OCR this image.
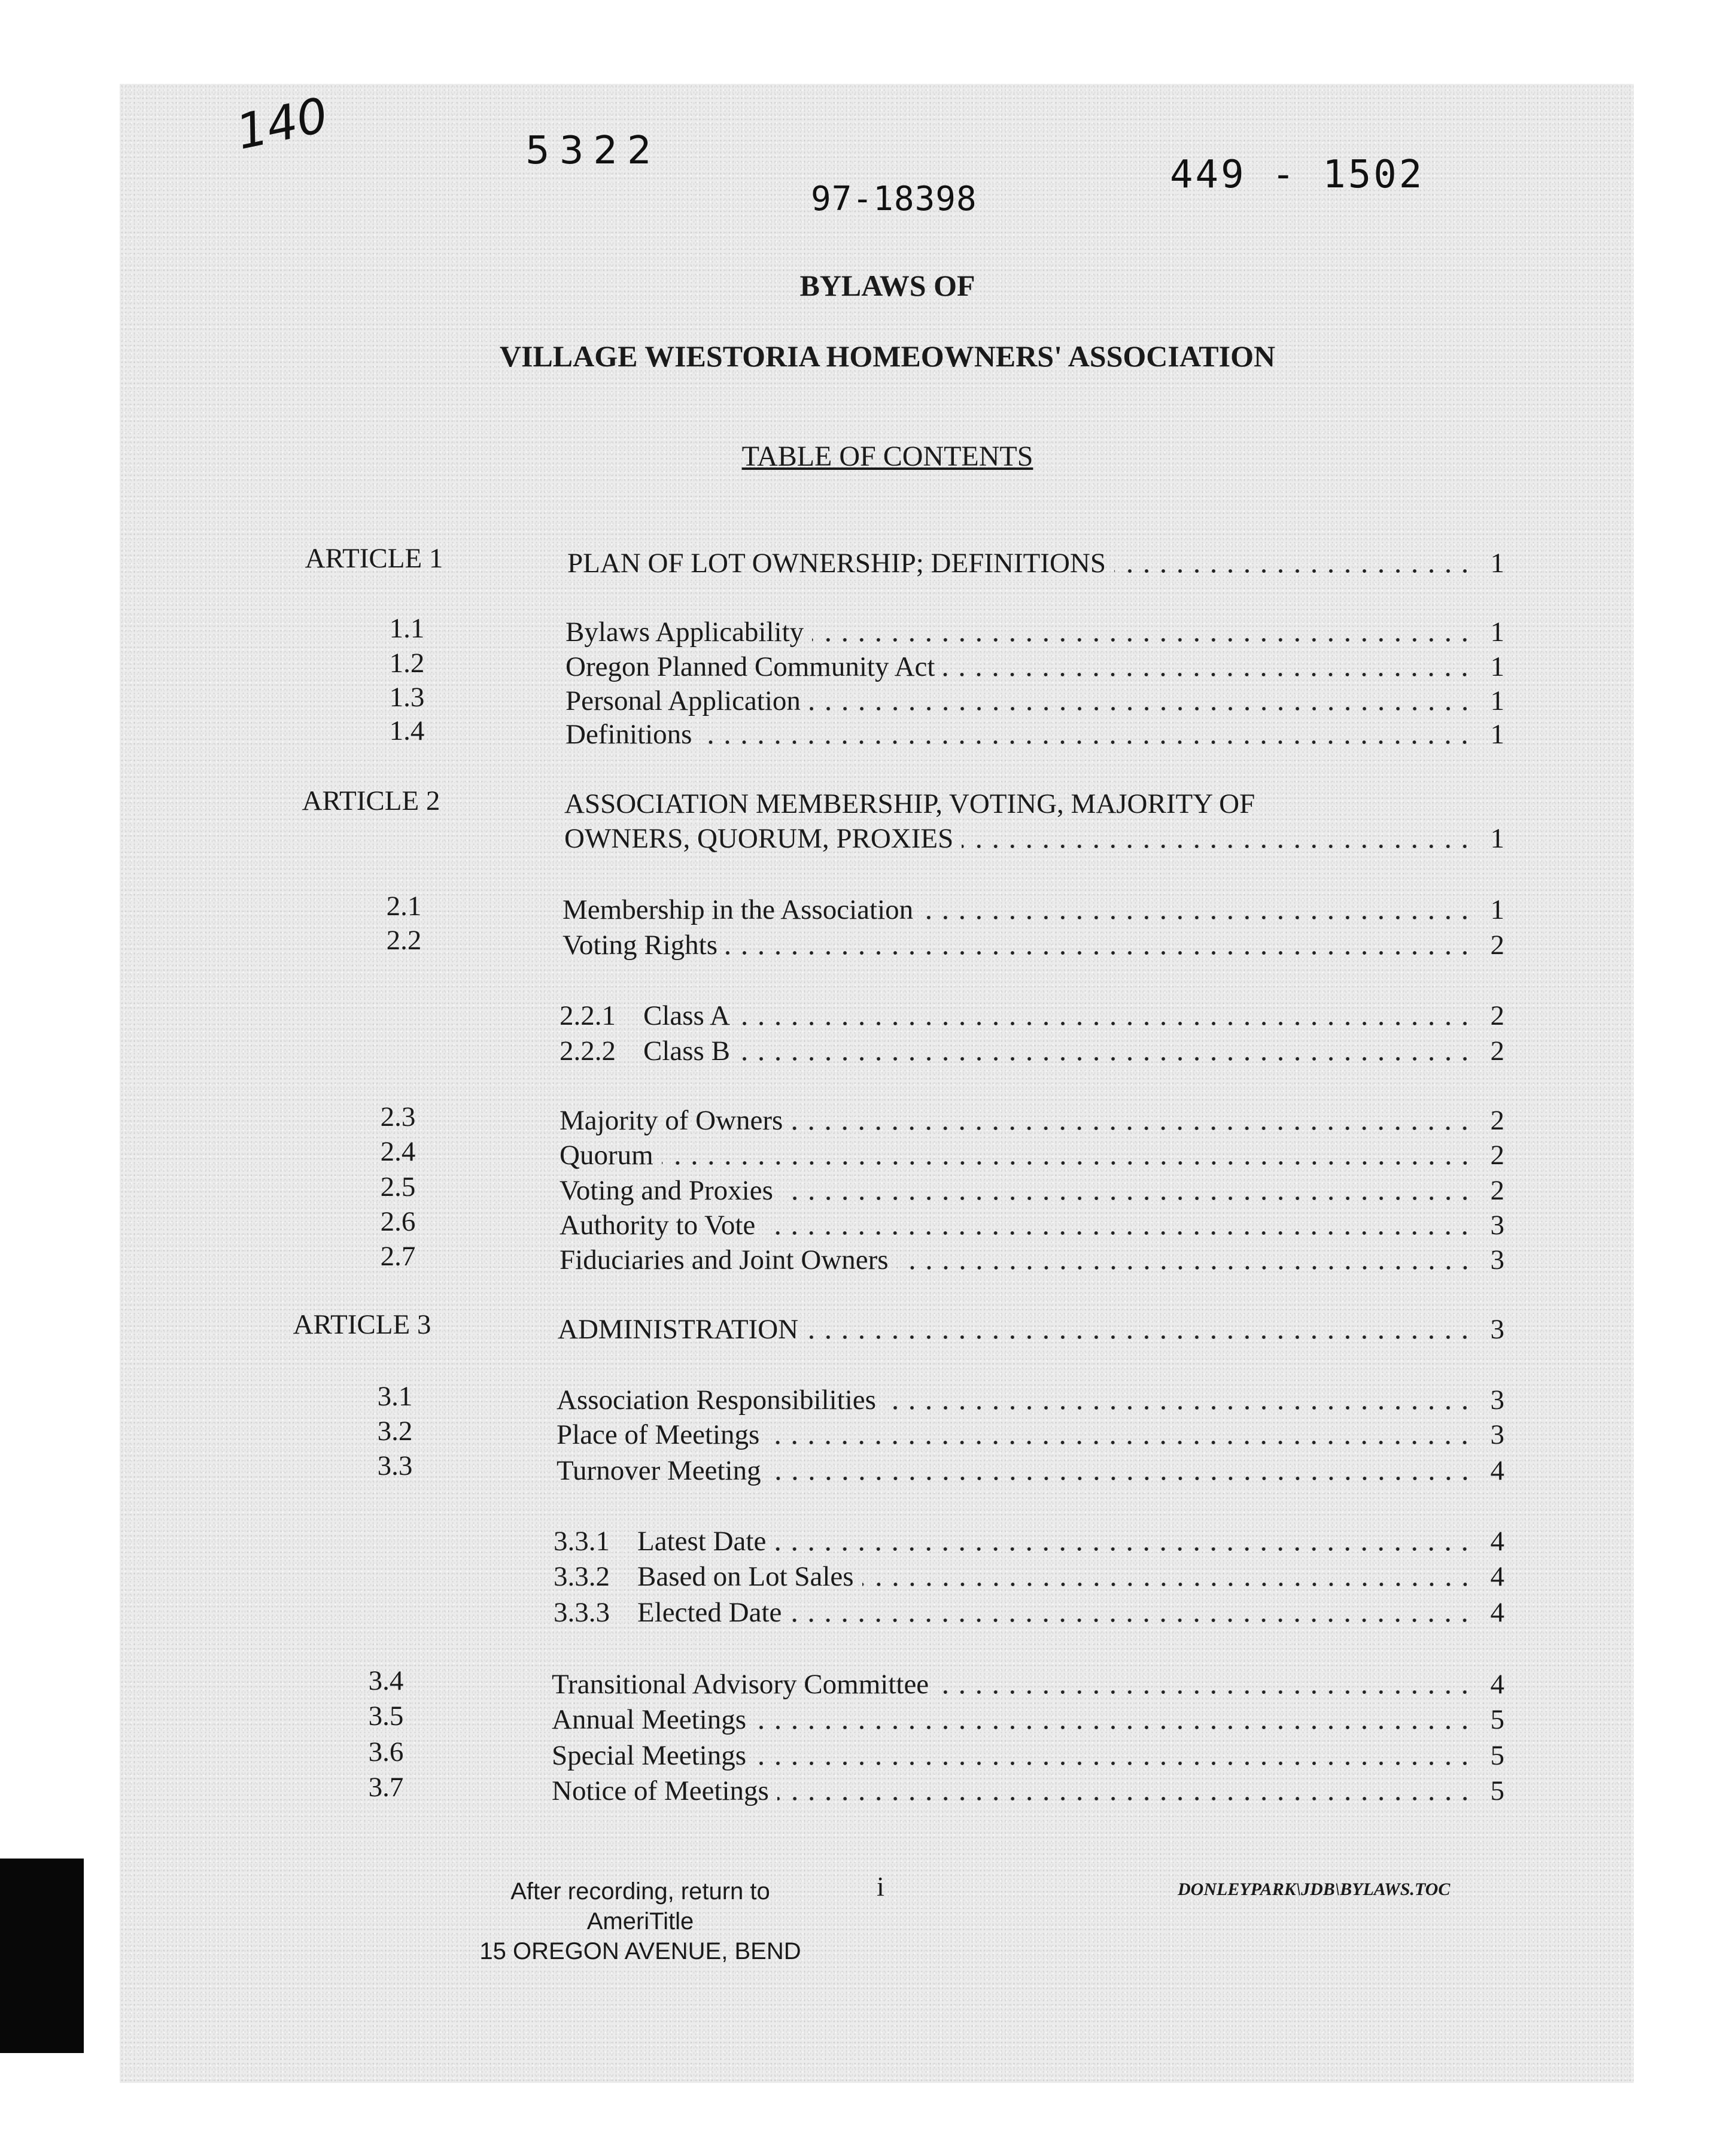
140	5322
97-18398
449 - 1502
BYLAWS OF
VILLAGE WIESTORIA HOMEOWNERS' ASSOCIATION
TABLE OF CONTENTS
ARTICLE 1	PLAN OF LOT OWNERSHIP; DEFINITIONS	1
1.1	Bylaws Applicability	1
1.2	Oregon Planned Community Act	1
1.3	Personal Application	1
1.4	Definitions	1
ARTICLE 2	ASSOCIATION MEMBERSHIP, VOTING, MAJORITY OF
OWNERS, QUORUM, PROXIES	1
2.1	Membership in the Association	1
2.2	Voting Rights	2
2.2.1 Class A	2
2.2.2 Class B	2
2.3	Majority of Owners	2
2.4	Quorum	2
2.5	Voting and Proxies	2
2.6	Authority to Vote	3
2.7	Fiduciaries and Joint Owners	3
ARTICLE 3	ADMINISTRATION	3
3.1	Association Responsibilities	3
3.2	Place of Meetings	3
3.3	Turnover Meeting	4
3.3.1 Latest Date	4
3.3.2 Based on Lot Sales	4
3.3.3 Elected Date	4
3.4	Transitional Advisory Committee	4
3.5	Annual Meetings	5
3.6	Special Meetings	5
3.7	Notice of Meetings	5
After recording, return to
AmeriTitle
15 OREGON AVENUE, BEND
i	DONLEYPARK\JDB\BYLAWS.TOC
